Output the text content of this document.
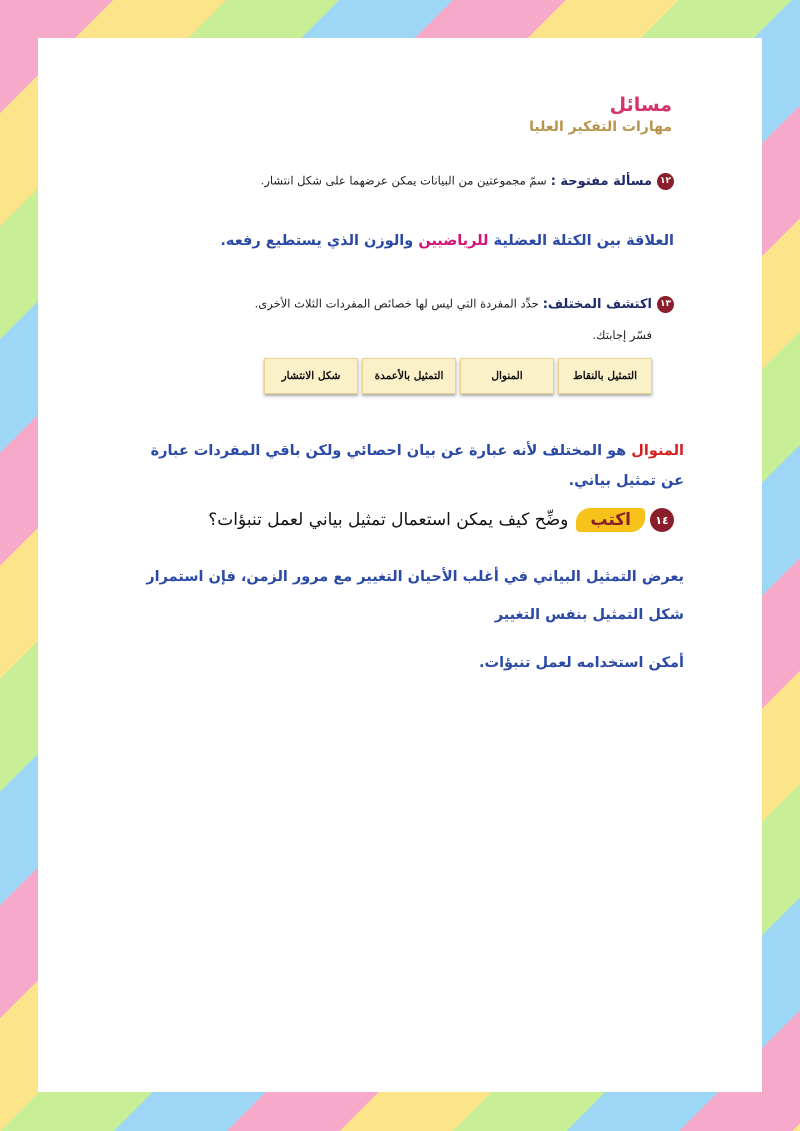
مسائل
مهارات التفكير العليا
١٢مسألة مفتوحة :سمّ مجموعتين من البيانات يمكن عرضهما على شكل انتشار.
العلاقة بين الكتلة العضلية للرياضيين والوزن الذي يستطيع رفعه.
١٣اكتشف المختلف:حدِّد المفردة التي ليس لها خصائص المفردات الثلاث الأخرى.
فسّر إجابتك.
التمثيل بالنقاط
المنوال
التمثيل بالأعمدة
شكل الانتشار
المنوال هو المختلف لأنه عبارة عن بيان احصائي ولكن باقي المفردات عبارة عن تمثيل بياني.
١٤
اكتب
وضِّح كيف يمكن استعمال تمثيل بياني لعمل تنبؤات؟
يعرض التمثيل البياني في أغلب الأحيان التغيير مع مرور الزمن، فإن استمرار
شكل التمثيل بنفس التغيير
أمكن استخدامه لعمل تنبؤات.
